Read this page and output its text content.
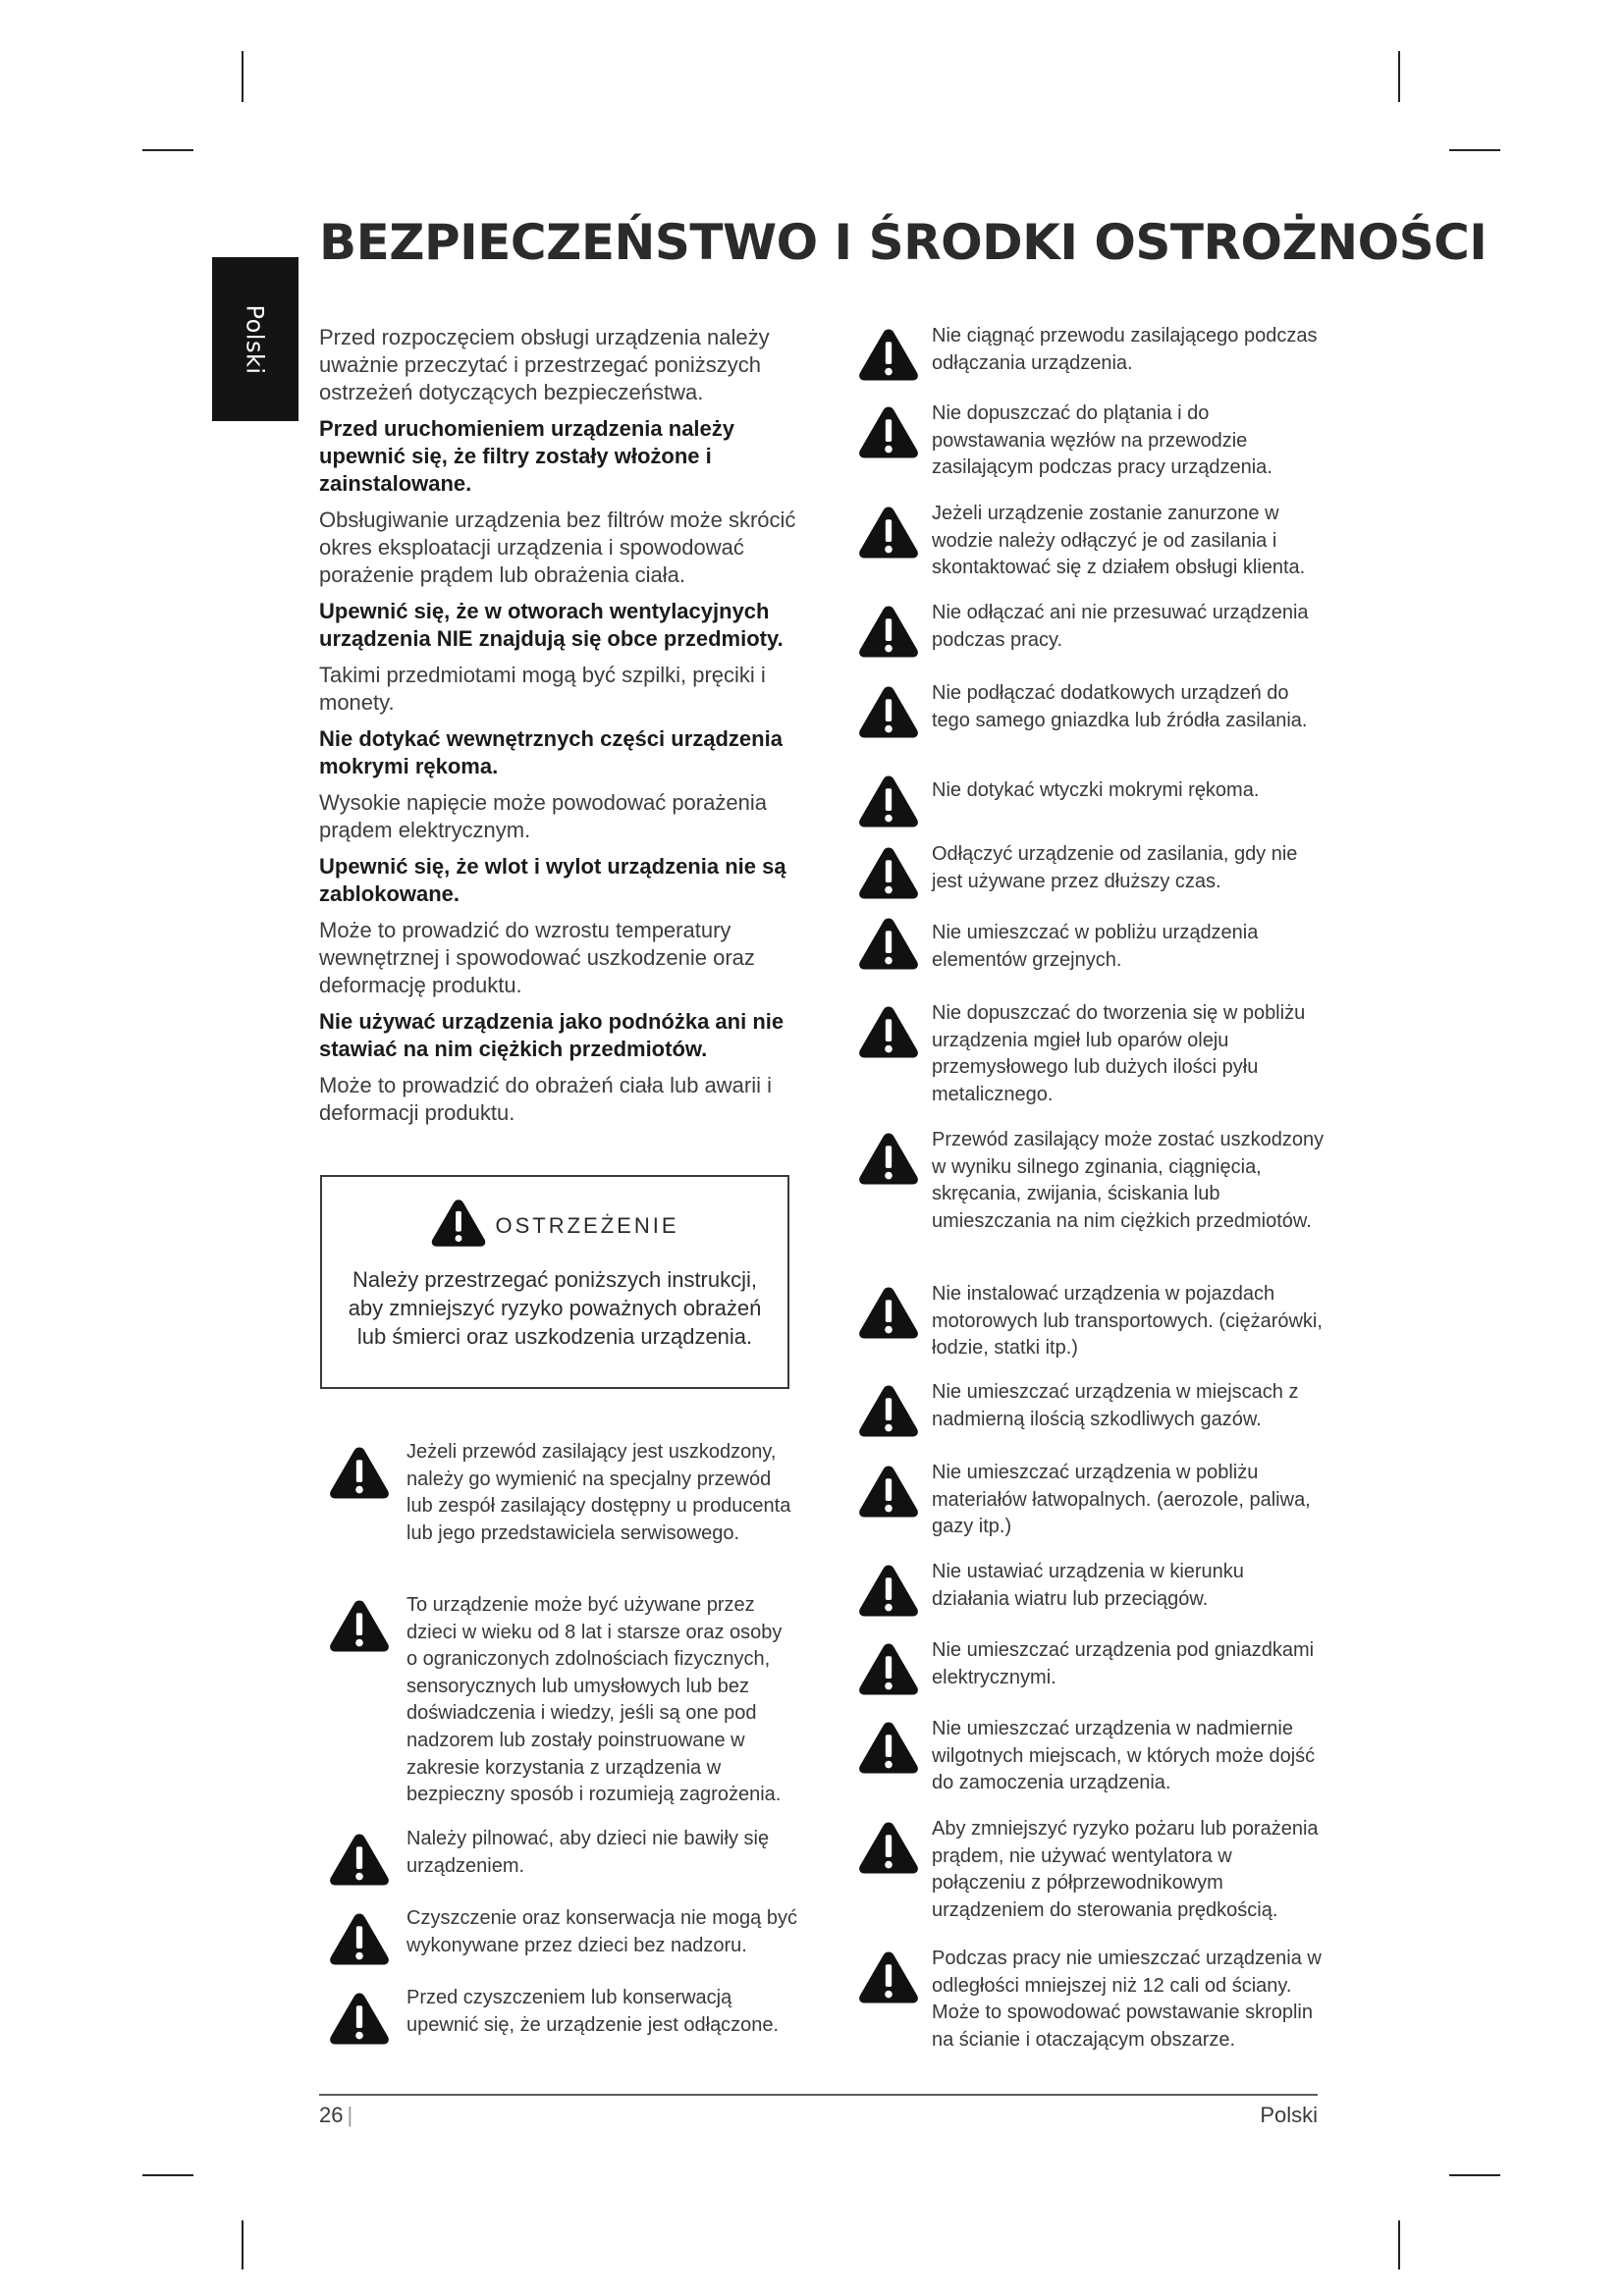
Polski
BEZPIECZEŃSTWO I ŚRODKI OSTROŻNOŚCI

Przed rozpoczęciem obsługi urządzenia należy uważnie przeczytać i przestrzegać poniższych ostrzeżeń dotyczących bezpieczeństwa.

Przed uruchomieniem urządzenia należy upewnić się, że filtry zostały włożone i zainstalowane.

Obsługiwanie urządzenia bez filtrów może skrócić okres eksploatacji urządzenia i spowodować porażenie prądem lub obrażenia ciała.

Upewnić się, że w otworach wentylacyjnych urządzenia NIE znajdują się obce przedmioty.

Takimi przedmiotami mogą być szpilki, pręciki i monety.

Nie dotykać wewnętrznych części urządzenia mokrymi rękoma.

Wysokie napięcie może powodować porażenia prądem elektrycznym.

Upewnić się, że wlot i wylot urządzenia nie są zablokowane.

Może to prowadzić do wzrostu temperatury wewnętrznej i spowodować uszkodzenie oraz deformację produktu.

Nie używać urządzenia jako podnóżka ani nie stawiać na nim ciężkich przedmiotów.

Może to prowadzić do obrażeń ciała lub awarii i deformacji produktu.

OSTRZEŻENIE
Należy przestrzegać poniższych instrukcji, aby zmniejszyć ryzyko poważnych obrażeń lub śmierci oraz uszkodzenia urządzenia.
Jeżeli przewód zasilający jest uszkodzony, należy go wymienić na specjalny przewód lub zespół zasilający dostępny u producenta lub jego przedstawiciela serwisowego.
To urządzenie może być używane przez dzieci w wieku od 8 lat i starsze oraz osoby o ograniczonych zdolnościach fizycznych, sensorycznych lub umysłowych lub bez doświadczenia i wiedzy, jeśli są one pod nadzorem lub zostały poinstruowane w zakresie korzystania z urządzenia w bezpieczny sposób i rozumieją zagrożenia.
Należy pilnować, aby dzieci nie bawiły się urządzeniem.
Czyszczenie oraz konserwacja nie mogą być wykonywane przez dzieci bez nadzoru.
Przed czyszczeniem lub konserwacją upewnić się, że urządzenie jest odłączone.
Nie ciągnąć przewodu zasilającego podczas odłączania urządzenia.
Nie dopuszczać do plątania i do powstawania węzłów na przewodzie zasilającym podczas pracy urządzenia.
Jeżeli urządzenie zostanie zanurzone w wodzie należy odłączyć je od zasilania i skontaktować się z działem obsługi klienta.
Nie odłączać ani nie przesuwać urządzenia podczas pracy.
Nie podłączać dodatkowych urządzeń do tego samego gniazdka lub źródła zasilania.
Nie dotykać wtyczki mokrymi rękoma.
Odłączyć urządzenie od zasilania, gdy nie jest używane przez dłuższy czas.
Nie umieszczać w pobliżu urządzenia elementów grzejnych.
Nie dopuszczać do tworzenia się w pobliżu urządzenia mgieł lub oparów oleju przemysłowego lub dużych ilości pyłu metalicznego.
Przewód zasilający może zostać uszkodzony w wyniku silnego zginania, ciągnięcia, skręcania, zwijania, ściskania lub umieszczania na nim ciężkich przedmiotów.
Nie instalować urządzenia w pojazdach motorowych lub transportowych. (ciężarówki, łodzie, statki itp.)
Nie umieszczać urządzenia w miejscach z nadmierną ilością szkodliwych gazów.
Nie umieszczać urządzenia w pobliżu materiałów łatwopalnych. (aerozole, paliwa, gazy itp.)
Nie ustawiać urządzenia w kierunku działania wiatru lub przeciągów.
Nie umieszczać urządzenia pod gniazdkami elektrycznymi.
Nie umieszczać urządzenia w nadmiernie wilgotnych miejscach, w których może dojść do zamoczenia urządzenia.
Aby zmniejszyć ryzyko pożaru lub porażenia prądem, nie używać wentylatora w połączeniu z półprzewodnikowym urządzeniem do sterowania prędkością.
Podczas pracy nie umieszczać urządzenia w odległości mniejszej niż 12 cali od ściany. Może to spowodować powstawanie skroplin na ścianie i otaczającym obszarze.
26 |	Polski
